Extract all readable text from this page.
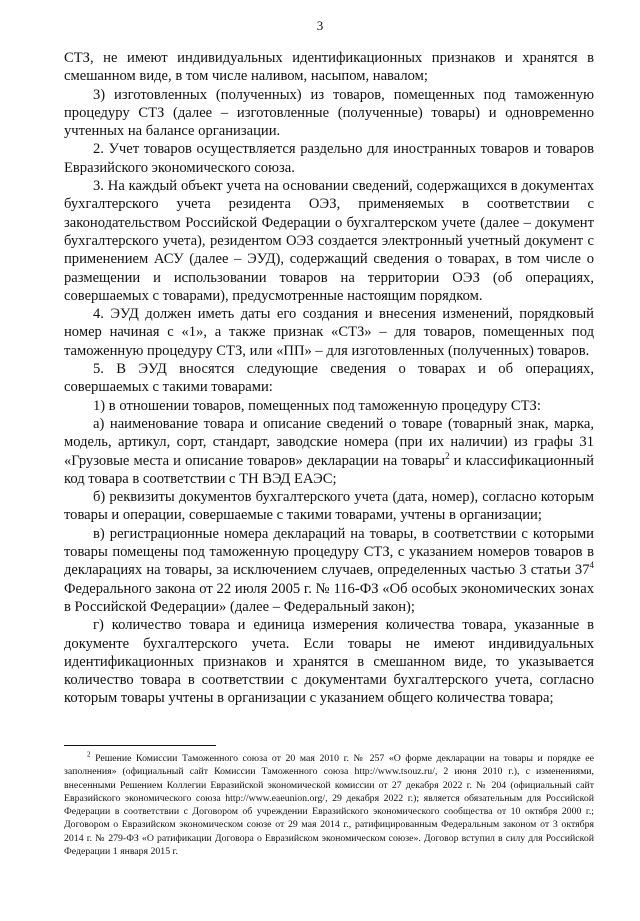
3

СТЗ, не имеют индивидуальных идентификационных признаков и хранятся в смешанном виде, в том числе наливом, насыпом, навалом;

3) изготовленных (полученных) из товаров, помещенных под таможенную процедуру СТЗ (далее – изготовленные (полученные) товары) и одновременно учтенных на балансе организации.

2. Учет товаров осуществляется раздельно для иностранных товаров и товаров Евразийского экономического союза.

3. На каждый объект учета на основании сведений, содержащихся в документах бухгалтерского учета резидента ОЭЗ, применяемых в соответствии с законодательством Российской Федерации о бухгалтерском учете (далее – документ бухгалтерского учета), резидентом ОЭЗ создается электронный учетный документ с применением АСУ (далее – ЭУД), содержащий сведения о товарах, в том числе о размещении и использовании товаров на территории ОЭЗ (об операциях, совершаемых с товарами), предусмотренные настоящим порядком.

4. ЭУД должен иметь даты его создания и внесения изменений, порядковый номер начиная с «1», а также признак «СТЗ» – для товаров, помещенных под таможенную процедуру СТЗ, или «ПП» – для изготовленных (полученных) товаров.

5. В ЭУД вносятся следующие сведения о товарах и об операциях, совершаемых с такими товарами:

1) в отношении товаров, помещенных под таможенную процедуру СТЗ:

а) наименование товара и описание сведений о товаре (товарный знак, марка, модель, артикул, сорт, стандарт, заводские номера (при их наличии) из графы 31 «Грузовые места и описание товаров» декларации на товары$^2$ и классификационный код товара в соответствии с ТН ВЭД ЕАЭС;

б) реквизиты документов бухгалтерского учета (дата, номер), согласно которым товары и операции, совершаемые с такими товарами, учтены в организации;

в) регистрационные номера деклараций на товары, в соответствии с которыми товары помещены под таможенную процедуру СТЗ, с указанием номеров товаров в декларациях на товары, за исключением случаев, определенных частью 3 статьи 37$^4$ Федерального закона от 22 июля 2005 г. № 116-ФЗ «Об особых экономических зонах в Российской Федерации» (далее – Федеральный закон);

г) количество товара и единица измерения количества товара, указанные в документе бухгалтерского учета. Если товары не имеют индивидуальных идентификационных признаков и хранятся в смешанном виде, то указывается количество товара в соответствии с документами бухгалтерского учета, согласно которым товары учтены в организации с указанием общего количества товара;

$^2$ Решение Комиссии Таможенного союза от 20 мая 2010 г. № 257 «О форме декларации на товары и порядке ее заполнения» (официальный сайт Комиссии Таможенного союза http://www.tsouz.ru/, 2 июня 2010 г.), с изменениями, внесенными Решением Коллегии Евразийской экономической комиссии от 27 декабря 2022 г. № 204 (официальный сайт Евразийского экономического союза http://www.eaeunion.org/, 29 декабря 2022 г.); является обязательным для Российской Федерации в соответствии с Договором об учреждении Евразийского экономического сообщества от 10 октября 2000 г.; Договором о Евразийском экономическом союзе от 29 мая 2014 г., ратифицированным Федеральным законом от 3 октября 2014 г. № 279-ФЗ «О ратификации Договора о Евразийском экономическом союзе». Договор вступил в силу для Российской Федерации 1 января 2015 г.
